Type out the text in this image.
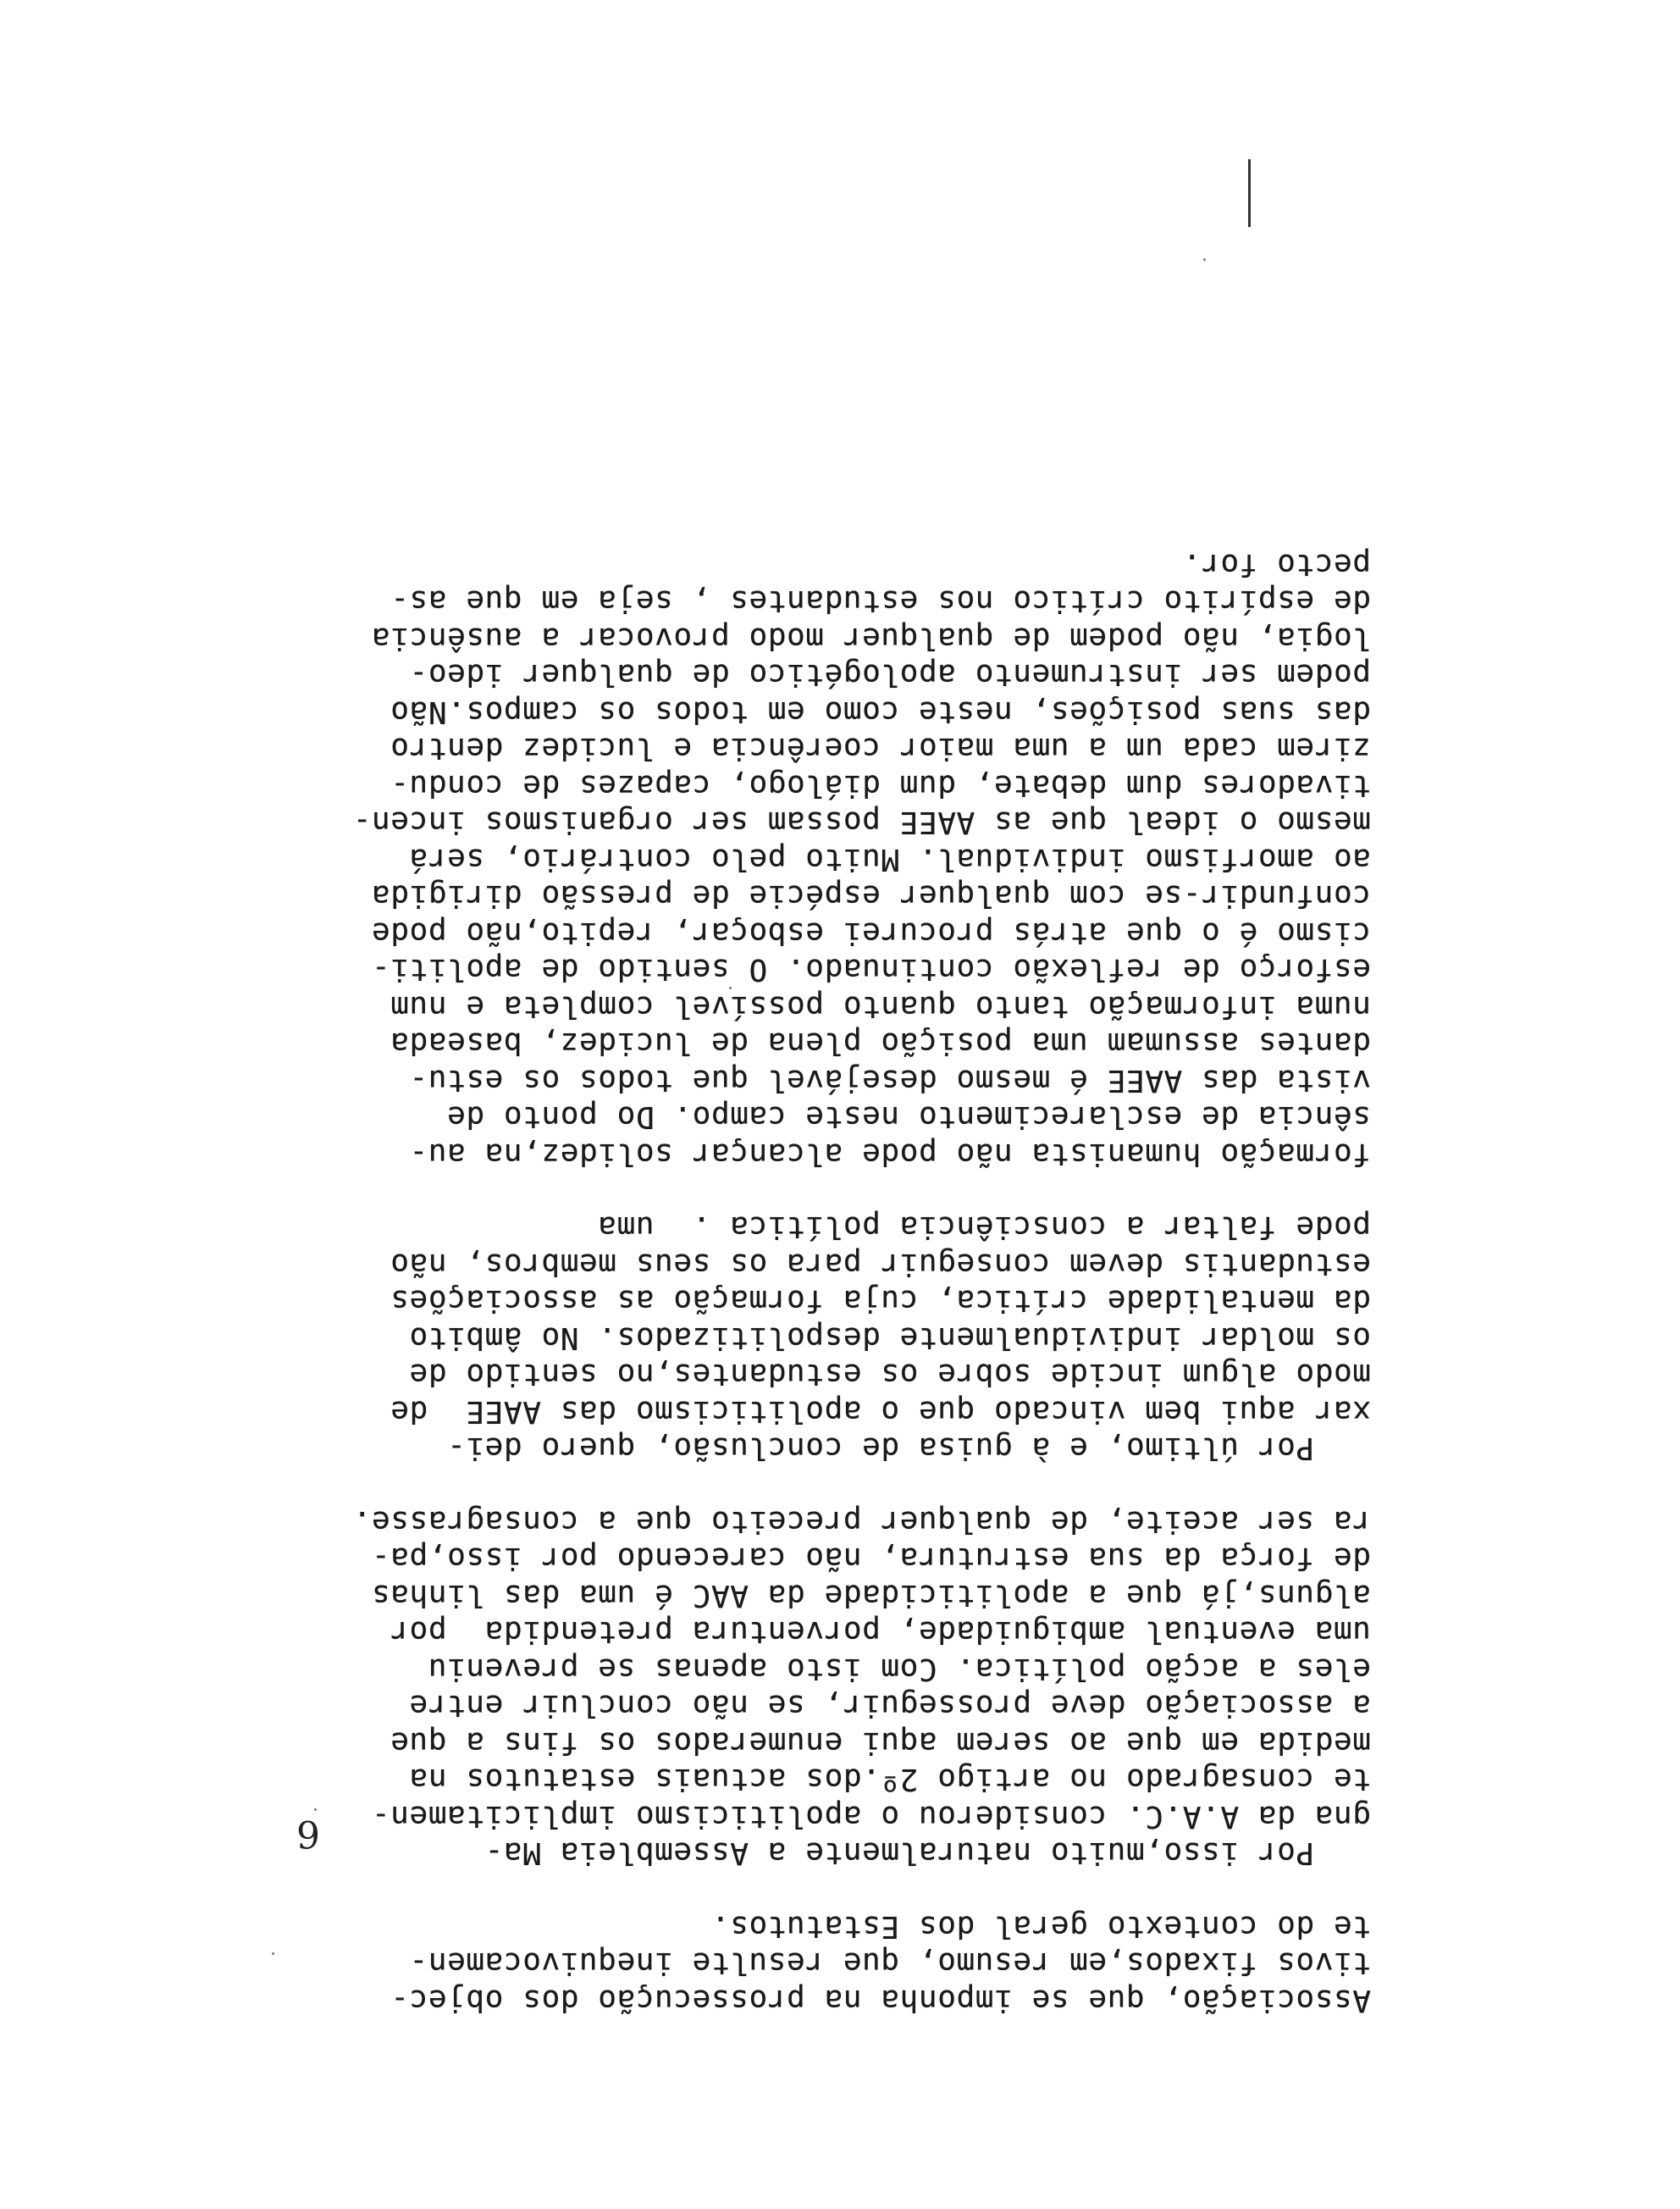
6
Associação, que se imponha na prossecução dos objec-
tivos fixados,em resumo, que resulte inequivocamen-
te do contexto geral dos Estatutos.
Por isso,muito naturalmente a Assembleia Ma-
gna da A.A.C. considerou o apoliticismo implicitamen-
te consagrado no artigo 2º.dos actuais estatutos na
medida em que ao serem aqui enumerados os fins a que
a associação deve prosseguir, se não concluir entre
eles a acção política. Com isto apenas se preveniu
uma eventual ambiguidade, porventura pretendida  por
alguns,já que a apoliticidade da AAC é uma das linhas
de força da sua estrutura, não carecendo por isso,pa-
ra ser aceite, de qualquer preceito que a consagrasse.
Por último, e à guisa de conclusão, quero dei-
xar aqui bem vincado que o apoliticismo das AAEE  de
modo algum incide sobre os estudantes,no sentido de
os moldar individualmente despolitizados. No âmbito
da mentalidade crítica, cuja formação as associações
estudantis devem conseguir para os seus membros, não
pode faltar a consciência política .  uma
formação humanista não pode alcançar solidez,na au-
sência de esclarecimento neste campo. Do ponto de
vista das AAEE é mesmo desejável que todos os estu-
dantes assumam uma posição plena de lucidez, baseada
numa informação tanto quanto possível completa e num
esforço de reflexão continuado. O sentido de apoliti-
cismo é o que atrás procurei esboçar, repito,não pode
confundir-se com qualquer espécie de pressão dirigida
ao amorfismo individual. Muito pelo contrário, será
mesmo o ideal que as AAEE possam ser organismos incen-
tivadores dum debate, dum diálogo, capazes de condu-
zirem cada um a uma maior coerência e lucidez dentro
das suas posições, neste como em todos os campos.Não
podem ser instrumento apologético de qualquer ideo-
logia, não podem de qualquer modo provocar a ausência
de espírito crítico nos estudantes , seja em que as-
pecto for.
